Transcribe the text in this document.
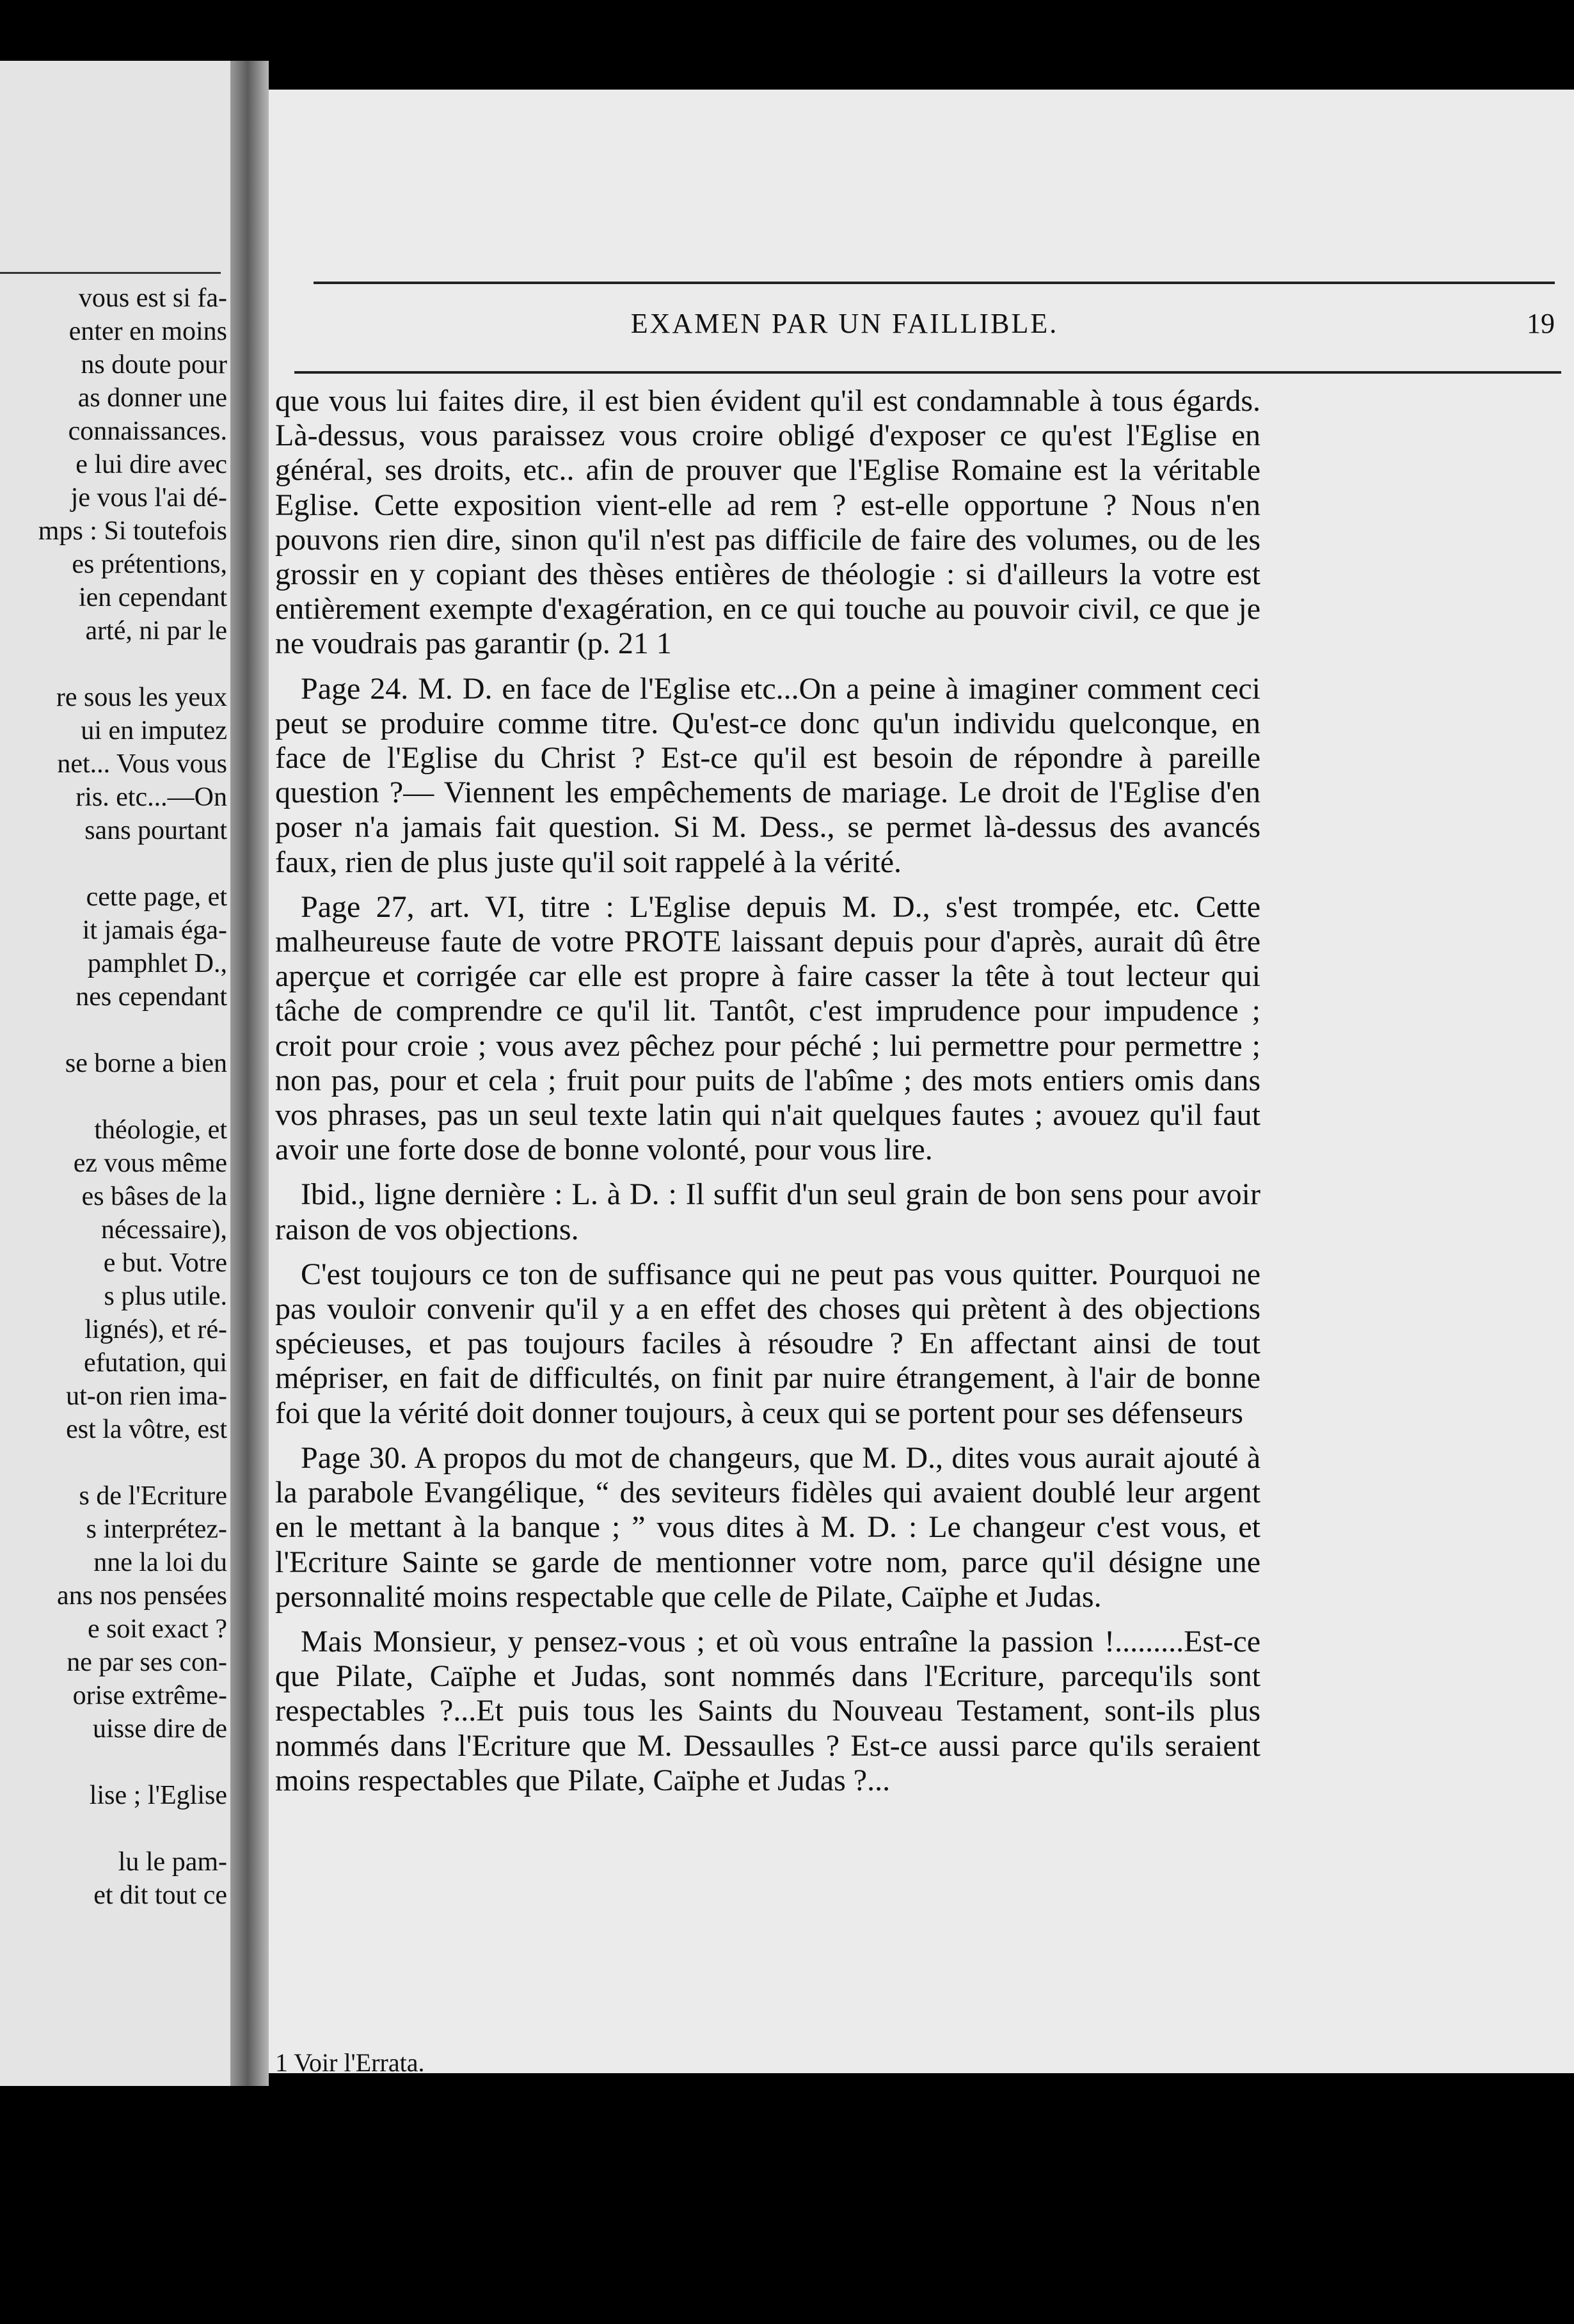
vous est si fa-
enter en moins
ns doute pour
as donner une
connaissances.
e lui dire avec
je vous l'ai dé-
mps : Si toutefois
es prétentions,
ien cependant
arté, ni par le
re sous les yeux
ui en imputez
net... Vous vous
ris. etc...—On
sans pourtant
cette page, et
it jamais éga-
pamphlet D.,
nes cependant
se borne a bien
théologie, et
ez vous même
es bâses de la
nécessaire),
e but. Votre
s plus utile.
lignés), et ré-
efutation, qui
ut-on rien ima-
est la vôtre, est
s de l'Ecriture
s interprétez-
nne la loi du
ans nos pensées
e soit exact ?
ne par ses con-
orise extrême-
uisse dire de
lise ; l'Eglise
lu le pam-
et dit tout ce
EXAMEN PAR UN FAILLIBLE.	19

que vous lui faites dire, il est bien évident qu'il est condamnable à tous égards. Là-dessus, vous paraissez vous croire obligé d'exposer ce qu'est l'Eglise en général, ses droits, etc.. afin de prouver que l'Eglise Romaine est la véritable Eglise. Cette exposition vient-elle ad rem ? est-elle opportune ? Nous n'en pouvons rien dire, sinon qu'il n'est pas difficile de faire des volumes, ou de les grossir en y copiant des thèses entières de théologie : si d'ailleurs la votre est entièrement exempte d'exagération, en ce qui touche au pouvoir civil, ce que je ne voudrais pas garantir (p. 21 1

Page 24. M. D. en face de l'Eglise etc...On a peine à imaginer comment ceci peut se produire comme titre. Qu'est-ce donc qu'un individu quelconque, en face de l'Eglise du Christ ? Est-ce qu'il est besoin de répondre à pareille question ?— Viennent les empêchements de mariage. Le droit de l'Eglise d'en poser n'a jamais fait question. Si M. Dess., se permet là-dessus des avancés faux, rien de plus juste qu'il soit rappelé à la vérité.

Page 27, art. VI, titre : L'Eglise depuis M. D., s'est trompée, etc. Cette malheureuse faute de votre PROTE laissant depuis pour d'après, aurait dû être aperçue et corrigée car elle est propre à faire casser la tête à tout lecteur qui tâche de comprendre ce qu'il lit. Tantôt, c'est imprudence pour impudence ; croit pour croie ; vous avez pêchez pour péché ; lui permettre pour permettre ; non pas, pour et cela ; fruit pour puits de l'abîme ; des mots entiers omis dans vos phrases, pas un seul texte latin qui n'ait quelques fautes ; avouez qu'il faut avoir une forte dose de bonne volonté, pour vous lire.

Ibid., ligne dernière : L. à D. : Il suffit d'un seul grain de bon sens pour avoir raison de vos objections.

C'est toujours ce ton de suffisance qui ne peut pas vous quitter. Pourquoi ne pas vouloir convenir qu'il y a en effet des choses qui prètent à des objections spécieuses, et pas toujours faciles à résoudre ? En affectant ainsi de tout mépriser, en fait de difficultés, on finit par nuire étrangement, à l'air de bonne foi que la vérité doit donner toujours, à ceux qui se portent pour ses défenseurs

Page 30. A propos du mot de changeurs, que M. D., dites vous aurait ajouté à la parabole Evangélique, “ des seviteurs fidèles qui avaient doublé leur argent en le mettant à la banque ; ” vous dites à M. D. : Le changeur c'est vous, et l'Ecriture Sainte se garde de mentionner votre nom, parce qu'il désigne une personnalité moins respectable que celle de Pilate, Caïphe et Judas.

Mais Monsieur, y pensez-vous ; et où vous entraîne la passion !.........Est-ce que Pilate, Caïphe et Judas, sont nommés dans l'Ecriture, parcequ'ils sont respectables ?...Et puis tous les Saints du Nouveau Testament, sont-ils plus nommés dans l'Ecriture que M. Dessaulles ? Est-ce aussi parce qu'ils seraient moins respectables que Pilate, Caïphe et Judas ?...

1 Voir l'Errata.
